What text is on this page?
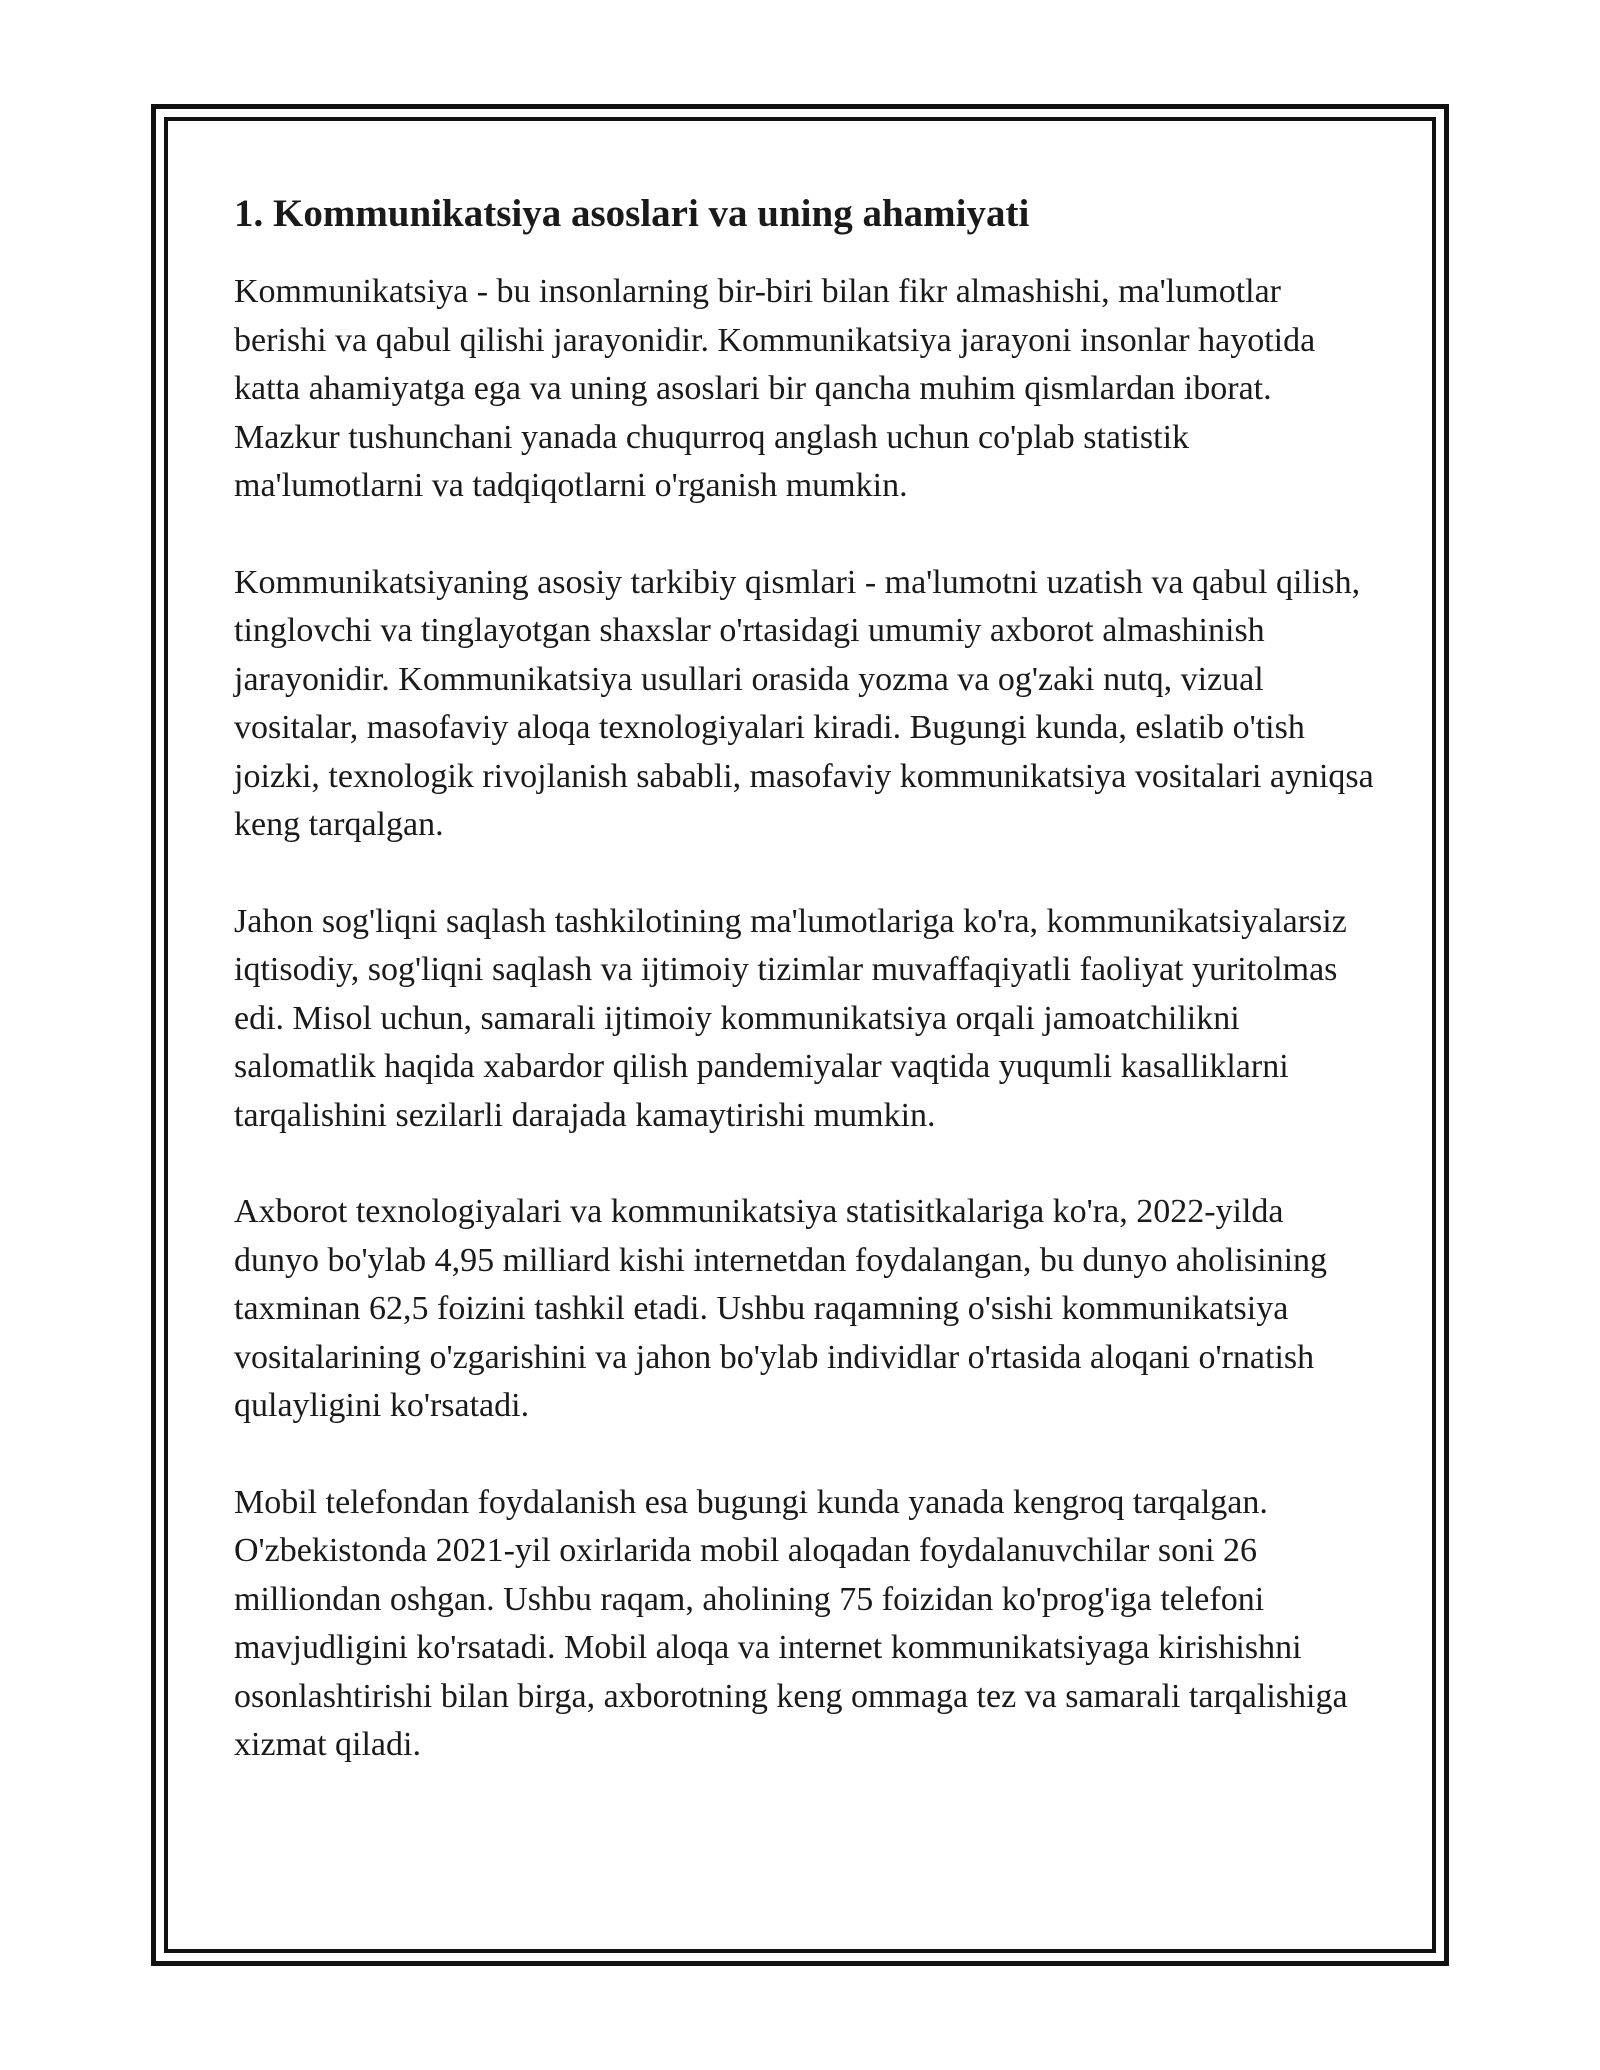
1. Kommunikatsiya asoslari va uning ahamiyati

Kommunikatsiya - bu insonlarning bir-biri bilan fikr almashishi, ma'lumotlar berishi va qabul qilishi jarayonidir. Kommunikatsiya jarayoni insonlar hayotida katta ahamiyatga ega va uning asoslari bir qancha muhim qismlardan iborat. Mazkur tushunchani yanada chuqurroq anglash uchun co'plab statistik ma'lumotlarni va tadqiqotlarni o'rganish mumkin.

Kommunikatsiyaning asosiy tarkibiy qismlari - ma'lumotni uzatish va qabul qilish, tinglovchi va tinglayotgan shaxslar o'rtasidagi umumiy axborot almashinish jarayonidir. Kommunikatsiya usullari orasida yozma va og'zaki nutq, vizual vositalar, masofaviy aloqa texnologiyalari kiradi. Bugungi kunda, eslatib o'tish joizki, texnologik rivojlanish sababli, masofaviy kommunikatsiya vositalari ayniqsa keng tarqalgan.

Jahon sog'liqni saqlash tashkilotining ma'lumotlariga ko'ra, kommunikatsiyalarsiz iqtisodiy, sog'liqni saqlash va ijtimoiy tizimlar muvaffaqiyatli faoliyat yuritolmas edi. Misol uchun, samarali ijtimoiy kommunikatsiya orqali jamoatchilikni salomatlik haqida xabardor qilish pandemiyalar vaqtida yuqumli kasalliklarni tarqalishini sezilarli darajada kamaytirishi mumkin.

Axborot texnologiyalari va kommunikatsiya statisitkalariga ko'ra, 2022-yilda dunyo bo'ylab 4,95 milliard kishi internetdan foydalangan, bu dunyo aholisining taxminan 62,5 foizini tashkil etadi. Ushbu raqamning o'sishi kommunikatsiya vositalarining o'zgarishini va jahon bo'ylab individlar o'rtasida aloqani o'rnatish qulayligini ko'rsatadi.

Mobil telefondan foydalanish esa bugungi kunda yanada kengroq tarqalgan. O'zbekistonda 2021-yil oxirlarida mobil aloqadan foydalanuvchilar soni 26 milliondan oshgan. Ushbu raqam, aholining 75 foizidan ko'prog'iga telefoni mavjudligini ko'rsatadi. Mobil aloqa va internet kommunikatsiyaga kirishishni osonlashtirishi bilan birga, axborotning keng ommaga tez va samarali tarqalishiga xizmat qiladi.
